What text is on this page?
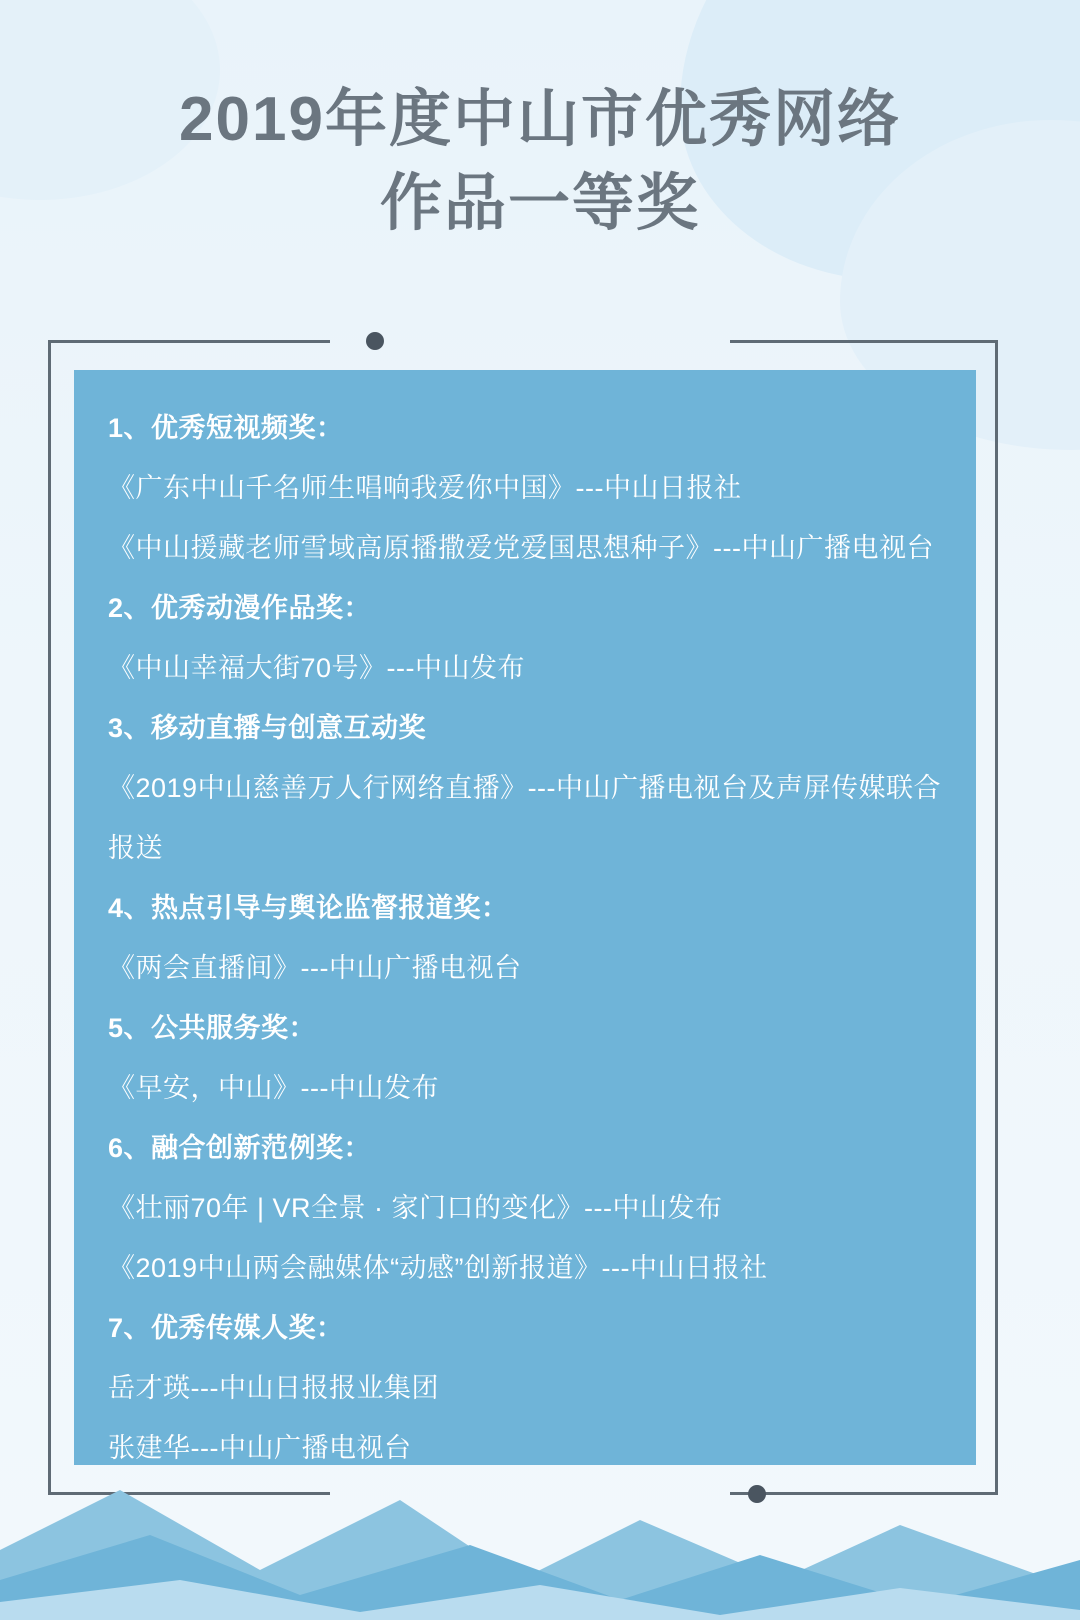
2019年度中山市优秀网络
作品一等奖
1、优秀短视频奖：
《广东中山千名师生唱响我爱你中国》---中山日报社
《中山援藏老师雪域高原播撒爱党爱国思想种子》---中山广播电视台
2、优秀动漫作品奖：
《中山幸福大街70号》---中山发布
3、移动直播与创意互动奖
《2019中山慈善万人行网络直播》---中山广播电视台及声屏传媒联合报送
4、热点引导与舆论监督报道奖：
《两会直播间》---中山广播电视台
5、公共服务奖：
《早安，中山》---中山发布
6、融合创新范例奖：
《壮丽70年 | VR全景 · 家门口的变化》---中山发布
《2019中山两会融媒体“动感”创新报道》---中山日报社
7、优秀传媒人奖：
岳才瑛---中山日报报业集团
张建华---中山广播电视台
